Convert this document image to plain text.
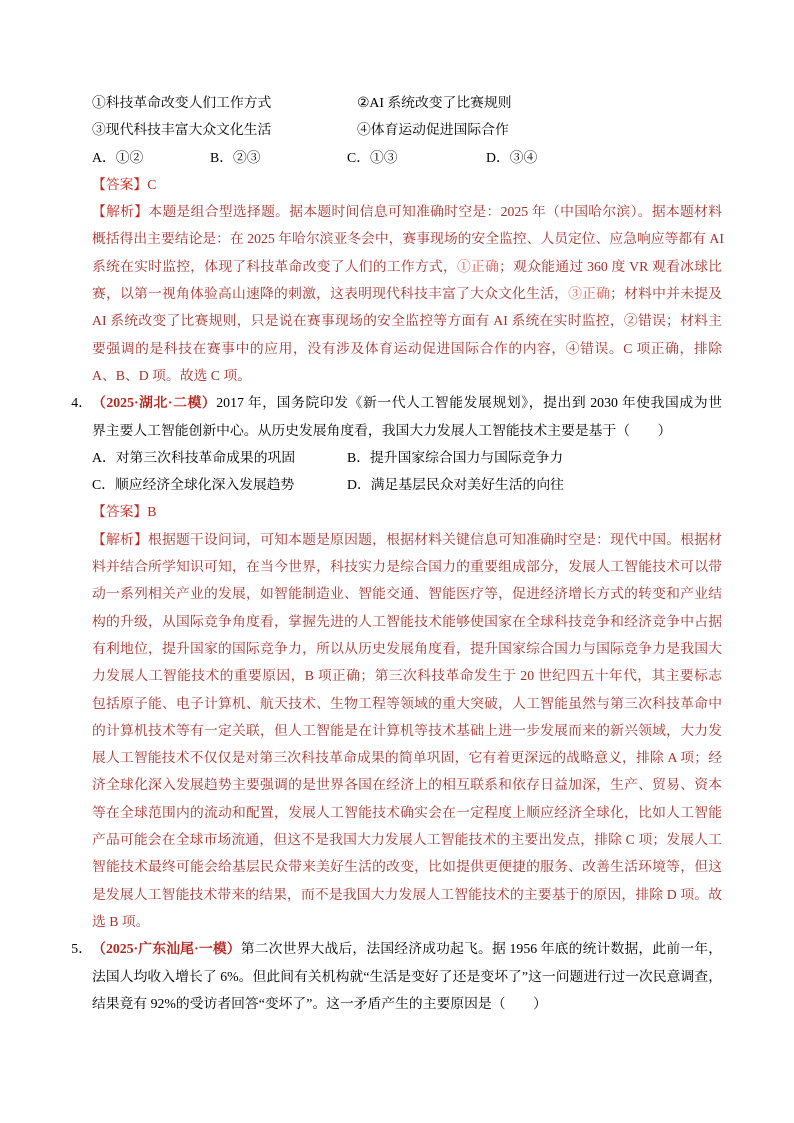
①科技革命改变人们工作方式	②AI 系统改变了比赛规则
③现代科技丰富大众文化生活	④体育运动促进国际合作
A．①②	B．②③	C．①③	D．③④
【答案】C
【解析】本题是组合型选择题。据本题时间信息可知准确时空是：2025 年（中国哈尔滨）。据本题材料
概括得出主要结论是：在 2025 年哈尔滨亚冬会中，赛事现场的安全监控、人员定位、应急响应等都有 AI
系统在实时监控，体现了科技革命改变了人们的工作方式，①正确；观众能通过 360 度 VR 观看冰球比
赛，以第一视角体验高山速降的刺激，这表明现代科技丰富了大众文化生活，③正确；材料中并未提及
AI 系统改变了比赛规则，只是说在赛事现场的安全监控等方面有 AI 系统在实时监控，②错误；材料主
要强调的是科技在赛事中的应用，没有涉及体育运动促进国际合作的内容，④错误。C 项正确，排除
A、B、D 项。故选 C 项。
4． （2025·湖北·二模）2017 年，国务院印发《新一代人工智能发展规划》，提出到 2030 年使我国成为世
界主要人工智能创新中心。从历史发展角度看，我国大力发展人工智能技术主要是基于（　　）
A．对第三次科技革命成果的巩固	B．提升国家综合国力与国际竞争力
C．顺应经济全球化深入发展趋势	D．满足基层民众对美好生活的向往
【答案】B
【解析】根据题干设问词，可知本题是原因题，根据材料关键信息可知准确时空是：现代中国。根据材
料并结合所学知识可知，在当今世界，科技实力是综合国力的重要组成部分，发展人工智能技术可以带
动一系列相关产业的发展，如智能制造业、智能交通、智能医疗等，促进经济增长方式的转变和产业结
构的升级，从国际竞争角度看，掌握先进的人工智能技术能够使国家在全球科技竞争和经济竞争中占据
有利地位，提升国家的国际竞争力，所以从历史发展角度看，提升国家综合国力与国际竞争力是我国大
力发展人工智能技术的重要原因，B 项正确；第三次科技革命发生于 20 世纪四五十年代，其主要标志
包括原子能、电子计算机、航天技术、生物工程等领域的重大突破，人工智能虽然与第三次科技革命中
的计算机技术等有一定关联，但人工智能是在计算机等技术基础上进一步发展而来的新兴领域，大力发
展人工智能技术不仅仅是对第三次科技革命成果的简单巩固，它有着更深远的战略意义，排除 A 项；经
济全球化深入发展趋势主要强调的是世界各国在经济上的相互联系和依存日益加深，生产、贸易、资本
等在全球范围内的流动和配置，发展人工智能技术确实会在一定程度上顺应经济全球化，比如人工智能
产品可能会在全球市场流通，但这不是我国大力发展人工智能技术的主要出发点，排除 C 项；发展人工
智能技术最终可能会给基层民众带来美好生活的改变，比如提供更便捷的服务、改善生活环境等，但这
是发展人工智能技术带来的结果，而不是我国大力发展人工智能技术的主要基于的原因，排除 D 项。故
选 B 项。
5． （2025·广东汕尾·一模）第二次世界大战后，法国经济成功起飞。据 1956 年底的统计数据，此前一年，
法国人均收入增长了 6%。但此间有关机构就“生活是变好了还是变坏了”这一问题进行过一次民意调查，
结果竟有 92%的受访者回答“变坏了”。这一矛盾产生的主要原因是（　　）
